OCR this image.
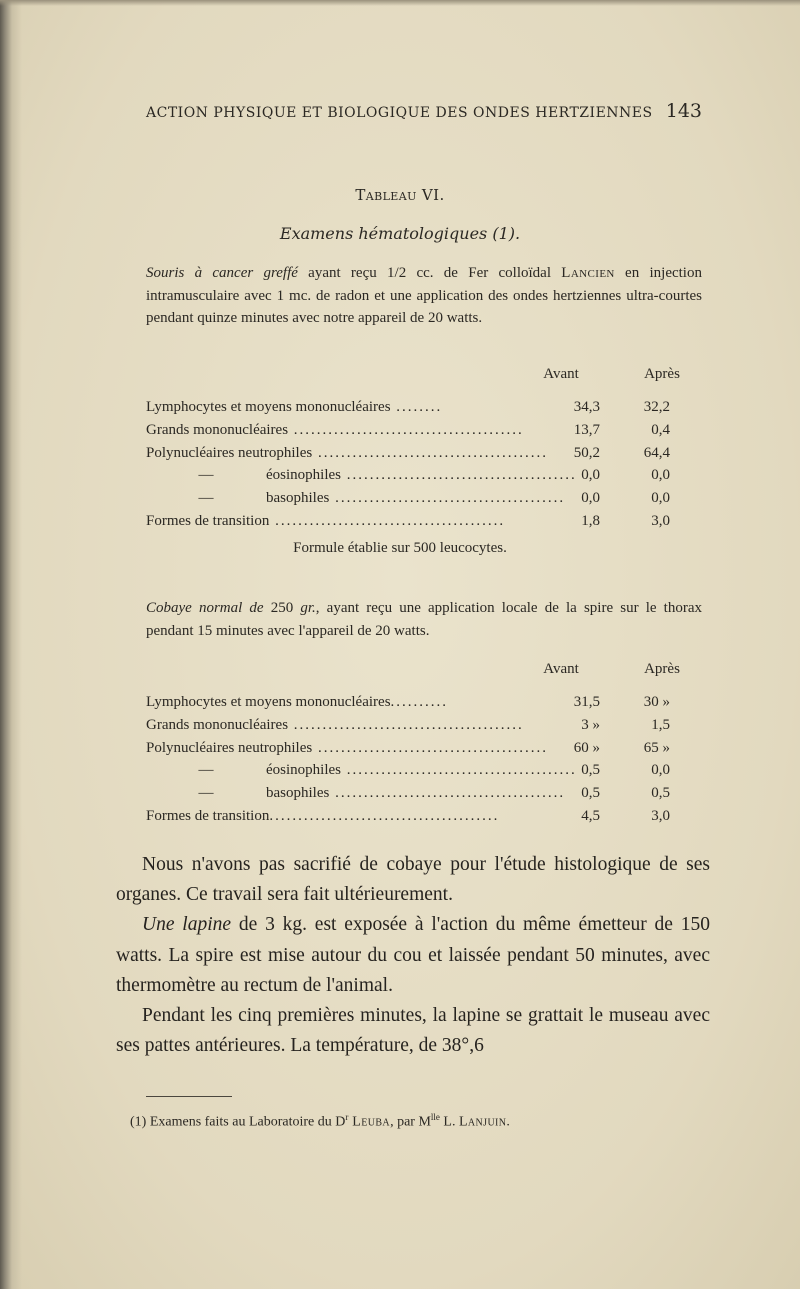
ACTION PHYSIQUE ET BIOLOGIQUE DES ONDES HERTZIENNES 143
Tableau VI.
Examens hématologiques (1).
Souris à cancer greffé ayant reçu 1/2 cc. de Fer colloïdal Lancien en injection intramusculaire avec 1 mc. de radon et une application des ondes hertziennes ultra-courtes pendant quinze minutes avec notre appareil de 20 watts.
Avant	Après
Lymphocytes et moyens mononucléaires ........	34,3	32,2
Grands mononucléaires ........................................	13,7	0,4
Polynucléaires neutrophiles ........................................	50,2	64,4
—	éosinophiles ........................................ 0,0	0,0
—	basophiles ........................................	0,0	0,0
Formes de transition ........................................	1,8	3,0
Formule établie sur 500 leucocytes.
Cobaye normal de 250 gr., ayant reçu une application locale de la spire sur le thorax pendant 15 minutes avec l'appareil de 20 watts.
Avant	Après
Lymphocytes et moyens mononucléaires..........	31,5	30 »
Grands mononucléaires ........................................	3 »	1,5
Polynucléaires neutrophiles ........................................	60 »	65 »
—	éosinophiles ........................................ 0,5	0,0
—	basophiles ........................................	0,5	0,5
Formes de transition........................................	4,5	3,0

Nous n'avons pas sacrifié de cobaye pour l'étude histologique de ses organes. Ce travail sera fait ultérieurement.

Une lapine de 3 kg. est exposée à l'action du même émetteur de 150 watts. La spire est mise autour du cou et laissée pendant 50 minutes, avec thermomètre au rectum de l'animal.

Pendant les cinq premières minutes, la lapine se grattait le museau avec ses pattes antérieures. La température, de 38°,6

(1) Examens faits au Laboratoire du $D^r$ Leuba, par $M^{lle}$ L. Lanjuin.
